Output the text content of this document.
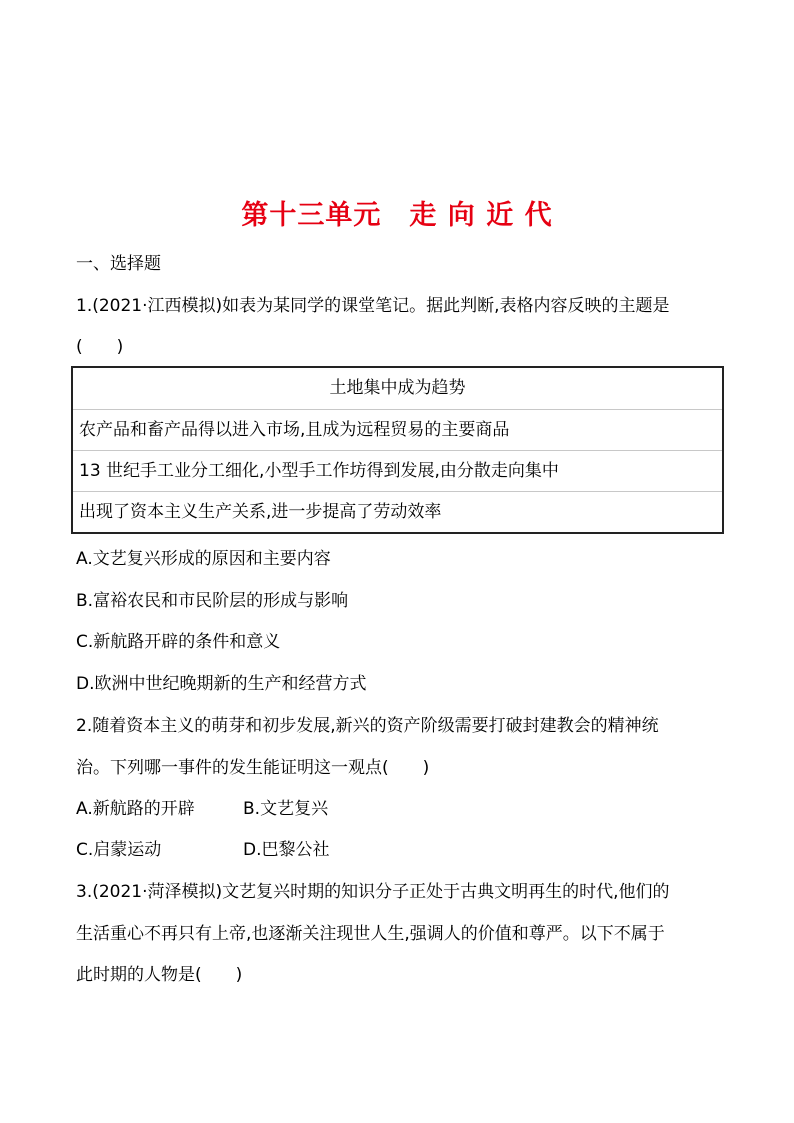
第十三单元　走 向 近 代
一、选择题
1.(2021·江西模拟)如表为某同学的课堂笔记。据此判断,表格内容反映的主题是
(　　)
土地集中成为趋势
农产品和畜产品得以进入市场,且成为远程贸易的主要商品
13 世纪手工业分工细化,小型手工作坊得到发展,由分散走向集中
出现了资本主义生产关系,进一步提高了劳动效率
A.文艺复兴形成的原因和主要内容
B.富裕农民和市民阶层的形成与影响
C.新航路开辟的条件和意义
D.欧洲中世纪晚期新的生产和经营方式
2.随着资本主义的萌芽和初步发展,新兴的资产阶级需要打破封建教会的精神统
治。下列哪一事件的发生能证明这一观点(　　)
A.新航路的开辟	B.文艺复兴
C.启蒙运动	D.巴黎公社
3.(2021·菏泽模拟)文艺复兴时期的知识分子正处于古典文明再生的时代,他们的
生活重心不再只有上帝,也逐渐关注现世人生,强调人的价值和尊严。以下不属于
此时期的人物是(　　)
